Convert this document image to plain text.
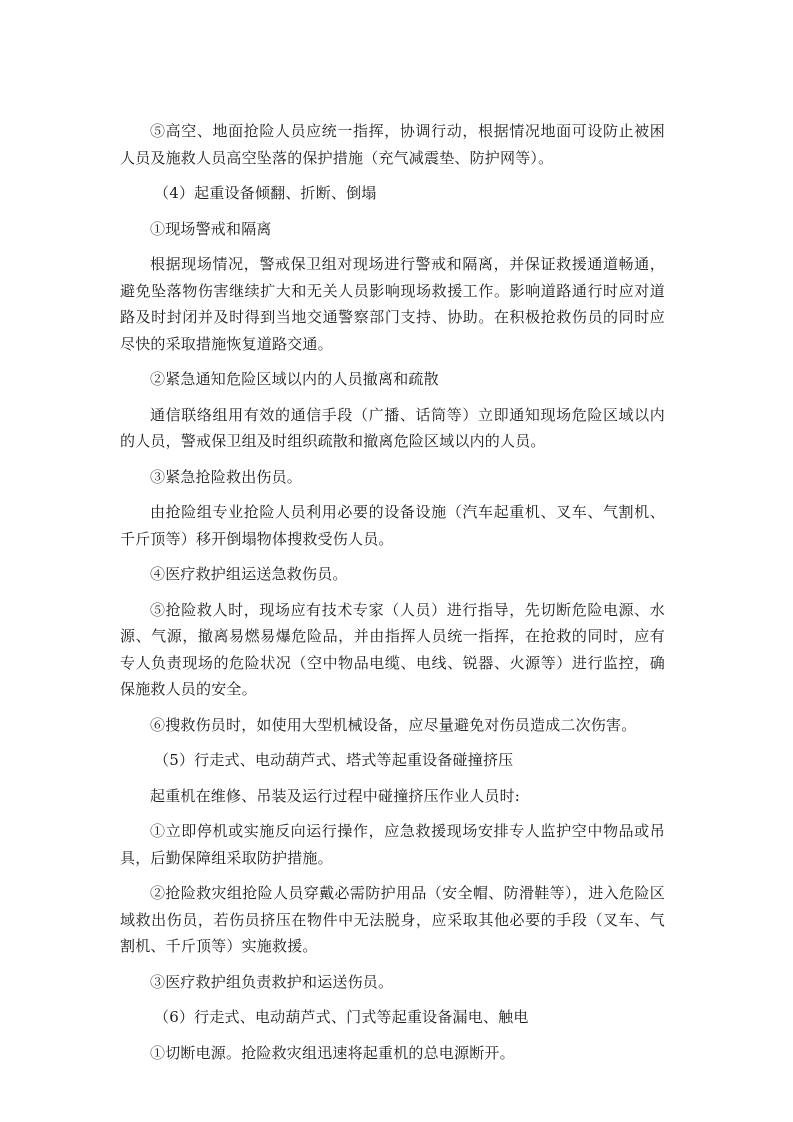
⑤高空、地面抢险人员应统一指挥，协调行动，根据情况地面可设防止被困人员及施救人员高空坠落的保护措施（充气减震垫、防护网等）。

（4）起重设备倾翻、折断、倒塌

①现场警戒和隔离

根据现场情况，警戒保卫组对现场进行警戒和隔离，并保证救援通道畅通，避免坠落物伤害继续扩大和无关人员影响现场救援工作。影响道路通行时应对道路及时封闭并及时得到当地交通警察部门支持、协助。在积极抢救伤员的同时应尽快的采取措施恢复道路交通。

②紧急通知危险区域以内的人员撤离和疏散

通信联络组用有效的通信手段（广播、话筒等）立即通知现场危险区域以内的人员，警戒保卫组及时组织疏散和撤离危险区域以内的人员。

③紧急抢险救出伤员。

由抢险组专业抢险人员利用必要的设备设施（汽车起重机、叉车、气割机、千斤顶等）移开倒塌物体搜救受伤人员。

④医疗救护组运送急救伤员。

⑤抢险救人时，现场应有技术专家（人员）进行指导，先切断危险电源、水源、气源，撤离易燃易爆危险品，并由指挥人员统一指挥，在抢救的同时，应有专人负责现场的危险状况（空中物品电缆、电线、锐器、火源等）进行监控，确保施救人员的安全。

⑥搜救伤员时，如使用大型机械设备，应尽量避免对伤员造成二次伤害。

（5）行走式、电动葫芦式、塔式等起重设备碰撞挤压

起重机在维修、吊装及运行过程中碰撞挤压作业人员时:

①立即停机或实施反向运行操作，应急救援现场安排专人监护空中物品或吊具，后勤保障组采取防护措施。

②抢险救灾组抢险人员穿戴必需防护用品（安全帽、防滑鞋等），进入危险区域救出伤员，若伤员挤压在物件中无法脱身，应采取其他必要的手段（叉车、气割机、千斤顶等）实施救援。

③医疗救护组负责救护和运送伤员。

（6）行走式、电动葫芦式、门式等起重设备漏电、触电

①切断电源。抢险救灾组迅速将起重机的总电源断开。
